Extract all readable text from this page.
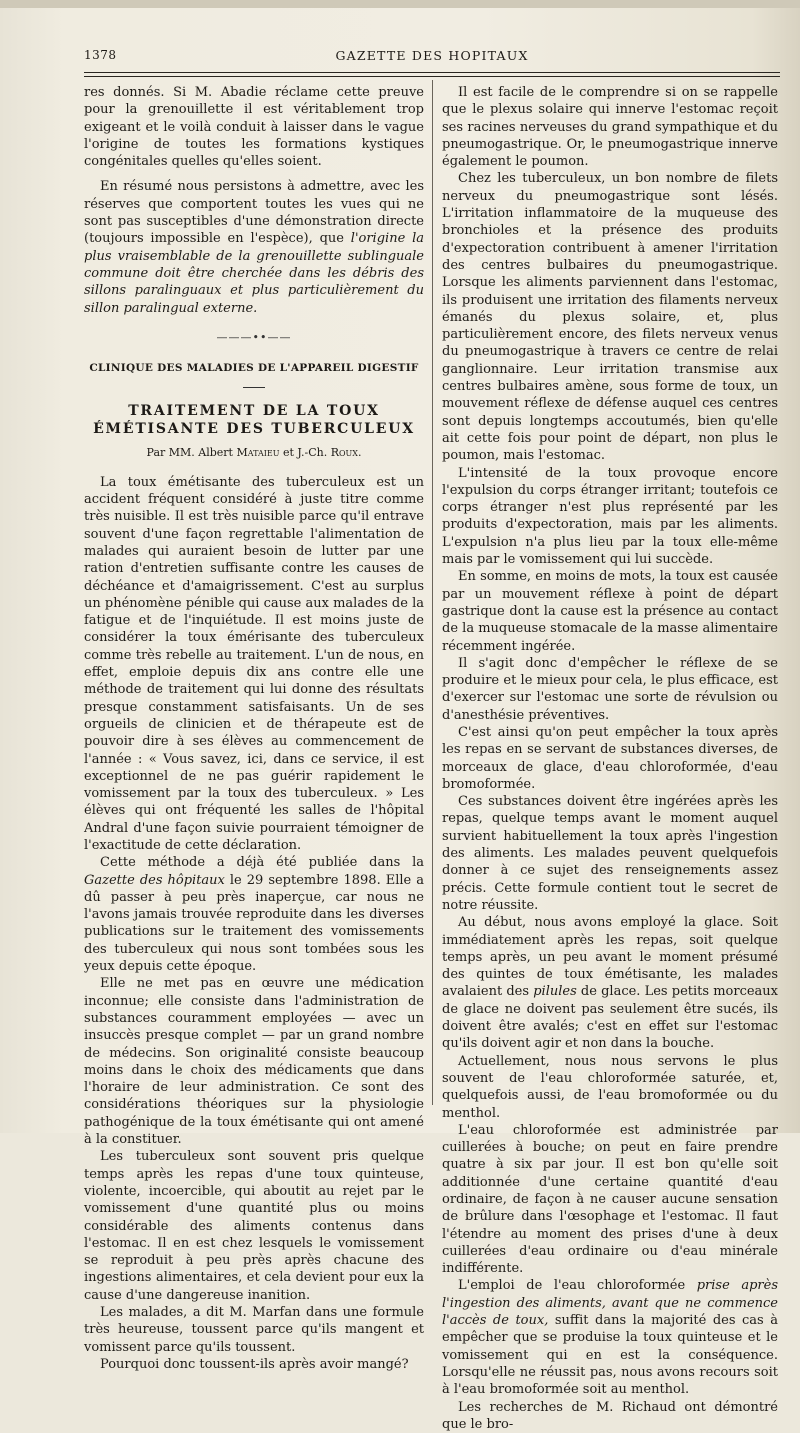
1378	GAZETTE DES HOPITAUX

res donnés. Si M. Abadie réclame cette preuve pour la grenouillette il est véritablement trop exigeant et le voilà conduit à laisser dans le vague l'origine de toutes les formations kystiques congénitales quelles qu'elles soient.

En résumé nous persistons à admettre, avec les réserves que comportent toutes les vues qui ne sont pas susceptibles d'une démonstration directe (toujours impossible en l'espèce), que l'origine la plus vraisemblable de la grenouillette sublinguale commune doit être cherchée dans les débris des sillons paralinguaux et plus particulièrement du sillon paralingual externe.

———••——
CLINIQUE DES MALADIES DE L'APPAREIL DIGESTIF
TRAITEMENT DE LA TOUX ÉMÉTISANTE DES TUBERCULEUX
Par MM. Albert Mataieu et J.-Ch. Roux.

La toux émétisante des tuberculeux est un accident fréquent considéré à juste titre comme très nuisible. Il est très nuisible parce qu'il entrave souvent d'une façon regrettable l'alimentation de malades qui auraient besoin de lutter par une ration d'entretien suffisante contre les causes de déchéance et d'amaigrissement. C'est au surplus un phénomène pénible qui cause aux malades de la fatigue et de l'inquiétude. Il est moins juste de considérer la toux émérisante des tuberculeux comme très rebelle au traitement. L'un de nous, en effet, emploie depuis dix ans contre elle une méthode de traitement qui lui donne des résultats presque constamment satisfaisants. Un de ses orgueils de clinicien et de thérapeute est de pouvoir dire à ses élèves au commencement de l'année : « Vous savez, ici, dans ce service, il est exceptionnel de ne pas guérir rapidement le vomissement par la toux des tuberculeux. » Les élèves qui ont fréquenté les salles de l'hôpital Andral d'une façon suivie pourraient témoigner de l'exactitude de cette déclaration.

Cette méthode a déjà été publiée dans la Gazette des hôpitaux le 29 septembre 1898. Elle a dû passer à peu près inaperçue, car nous ne l'avons jamais trouvée reproduite dans les diverses publications sur le traitement des vomissements des tuberculeux qui nous sont tombées sous les yeux depuis cette époque.

Elle ne met pas en œuvre une médication inconnue; elle consiste dans l'administration de substances couramment employées — avec un insuccès presque complet — par un grand nombre de médecins. Son originalité consiste beaucoup moins dans le choix des médicaments que dans l'horaire de leur administration. Ce sont des considérations théoriques sur la physiologie pathogénique de la toux émétisante qui ont amené à la constituer.

Les tuberculeux sont souvent pris quelque temps après les repas d'une toux quinteuse, violente, incoercible, qui aboutit au rejet par le vomissement d'une quantité plus ou moins considérable des aliments contenus dans l'estomac. Il en est chez lesquels le vomissement se reproduit à peu près après chacune des ingestions alimentaires, et cela devient pour eux la cause d'une dangereuse inanition.

Les malades, a dit M. Marfan dans une formule très heureuse, toussent parce qu'ils mangent et vomissent parce qu'ils toussent.

Pourquoi donc toussent-ils après avoir mangé?

Il est facile de le comprendre si on se rappelle que le plexus solaire qui innerve l'estomac reçoit ses racines nerveuses du grand sympathique et du pneumogastrique. Or, le pneumogastrique innerve également le poumon.

Chez les tuberculeux, un bon nombre de filets nerveux du pneumogastrique sont lésés. L'irritation inflammatoire de la muqueuse des bronchioles et la présence des produits d'expectoration contribuent à amener l'irritation des centres bulbaires du pneumogastrique. Lorsque les aliments parviennent dans l'estomac, ils produisent une irritation des filaments nerveux émanés du plexus solaire, et, plus particulièrement encore, des filets nerveux venus du pneumogastrique à travers ce centre de relai ganglionnaire. Leur irritation transmise aux centres bulbaires amène, sous forme de toux, un mouvement réflexe de défense auquel ces centres sont depuis longtemps accoutumés, bien qu'elle ait cette fois pour point de départ, non plus le poumon, mais l'estomac.

L'intensité de la toux provoque encore l'expulsion du corps étranger irritant; toutefois ce corps étranger n'est plus représenté par les produits d'expectoration, mais par les aliments. L'expulsion n'a plus lieu par la toux elle-même mais par le vomissement qui lui succède.

En somme, en moins de mots, la toux est causée par un mouvement réflexe à point de départ gastrique dont la cause est la présence au contact de la muqueuse stomacale de la masse alimentaire récemment ingérée.

Il s'agit donc d'empêcher le réflexe de se produire et le mieux pour cela, le plus efficace, est d'exercer sur l'estomac une sorte de révulsion ou d'anesthésie préventives.

C'est ainsi qu'on peut empêcher la toux après les repas en se servant de substances diverses, de morceaux de glace, d'eau chloroformée, d'eau bromoformée.

Ces substances doivent être ingérées après les repas, quelque temps avant le moment auquel survient habituellement la toux après l'ingestion des aliments. Les malades peuvent quelquefois donner à ce sujet des renseignements assez précis. Cette formule contient tout le secret de notre réussite.

Au début, nous avons employé la glace. Soit immédiatement après les repas, soit quelque temps après, un peu avant le moment présumé des quintes de toux émétisante, les malades avalaient des pilules de glace. Les petits morceaux de glace ne doivent pas seulement être sucés, ils doivent être avalés; c'est en effet sur l'estomac qu'ils doivent agir et non dans la bouche.

Actuellement, nous nous servons le plus souvent de l'eau chloroformée saturée, et, quelquefois aussi, de l'eau bromoformée ou du menthol.

L'eau chloroformée est administrée par cuillerées à bouche; on peut en faire prendre quatre à six par jour. Il est bon qu'elle soit additionnée d'une certaine quantité d'eau ordinaire, de façon à ne causer aucune sensation de brûlure dans l'œsophage et l'estomac. Il faut l'étendre au moment des prises d'une à deux cuillerées d'eau ordinaire ou d'eau minérale indifférente.

L'emploi de l'eau chloroformée prise après l'ingestion des aliments, avant que ne commence l'accès de toux, suffit dans la majorité des cas à empêcher que se produise la toux quinteuse et le vomissement qui en est la conséquence. Lorsqu'elle ne réussit pas, nous avons recours soit à l'eau bromoformée soit au menthol.

Les recherches de M. Richaud ont démontré que le bro-
